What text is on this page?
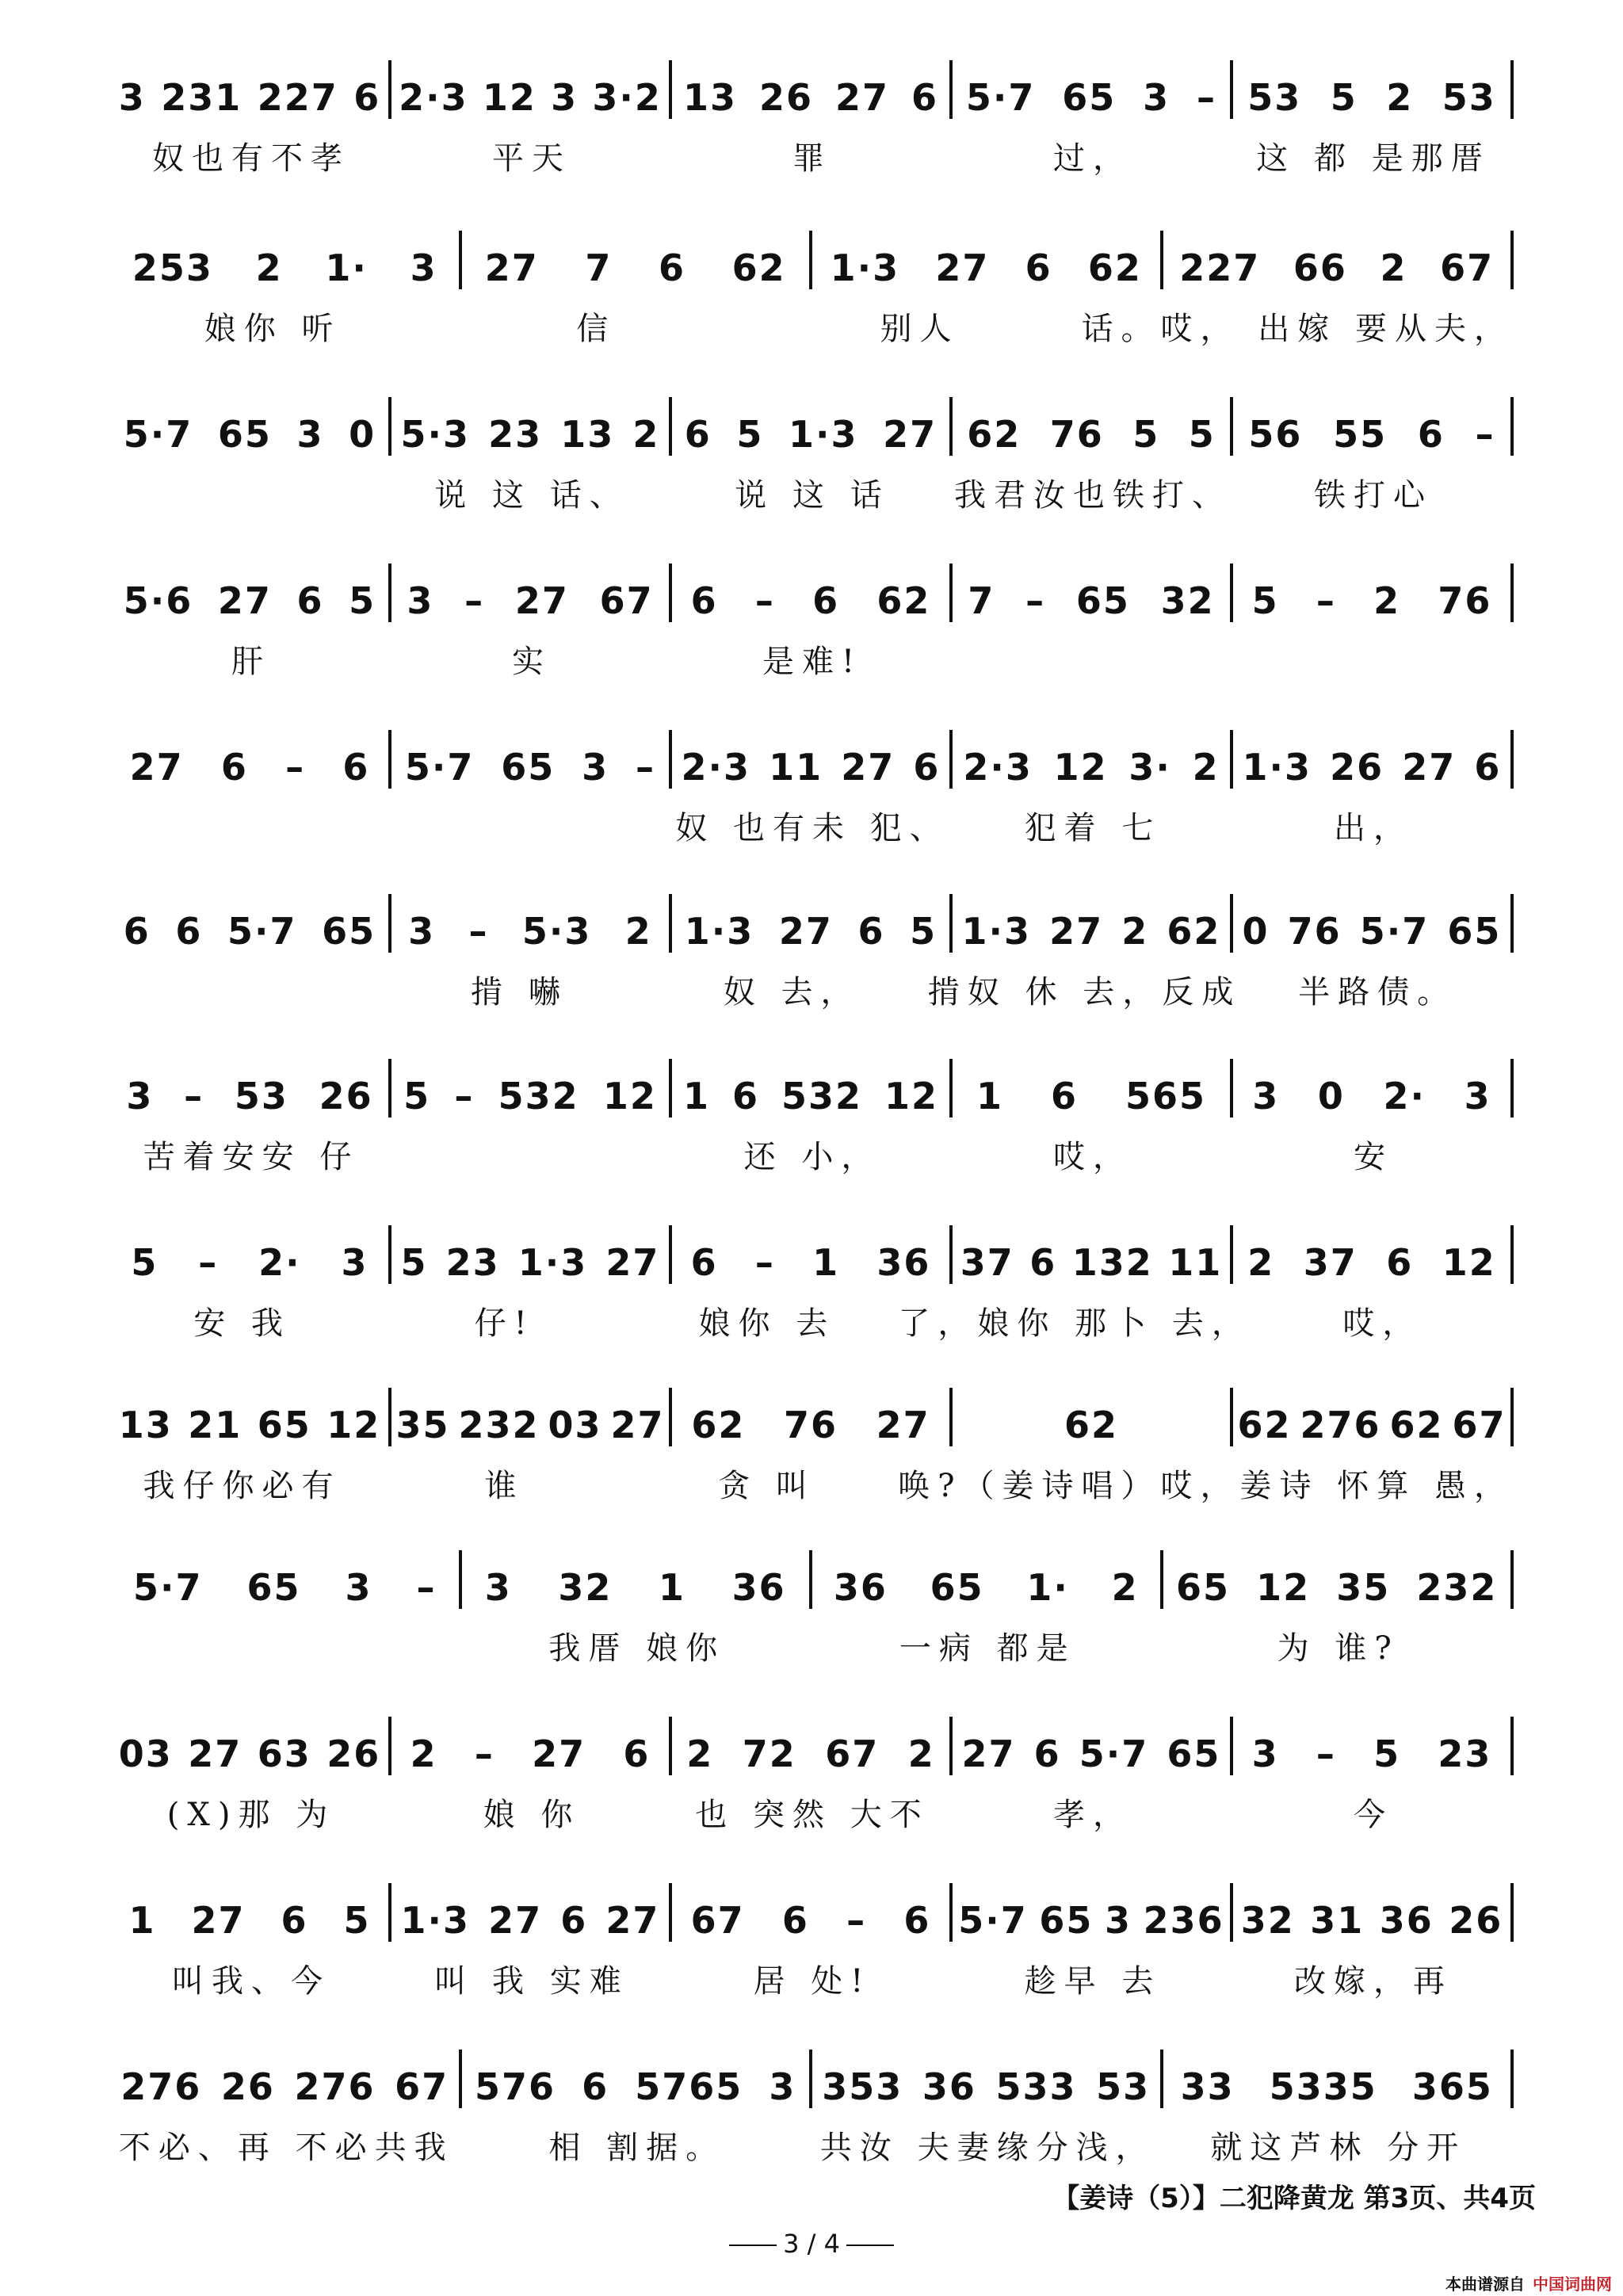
3 231 227 6 2·3 12 3 3·2 13 26 27 6 5·7 65 3 – 53 5 2 53
奴也有不孝	平天	罪	过，	这 都 是那厝
253 2 1· 3 27 7 6 62 1·3 27 6 62 227 66 2 67
娘你 听	信	别人	话。哎， 出嫁 要从夫，
5·7 65 3 0 5·3 23 13 2 6 5 1·3 27 62 76 5 5 56 55 6 –
说 这 话、	说 这 话	我君汝也铁打、	铁打心
5·6 27 6 5 3 – 27 67 6 – 6 62 7 – 65 32 5 – 2 76
肝	实	是难!
27 6 – 6 5·7 65 3 – 2·3 11 27 6 2·3 12 3· 2 1·3 26 27 6
奴 也有未 犯、	犯着 七	出，
6 6 5·7 65 3 – 5·3 2 1·3 27 6 5 1·3 27 2 62 0 76 5·7 65
掯 嚇	奴 去，	掯奴 休 去，反成	半路债。
3 – 53 26 5 – 532 12 1 6 532 12 1 6 565 3 0 2· 3
苦着安安 仔	还 小，	哎，	安
5 – 2· 3 5 23 1·3 27 6 – 1 36 37 6 132 11 2 37 6 12
安 我	仔!	娘你 去	了，娘你 那卜 去，	哎，
13 21 65 12 35 232 03 27 62 76 27	62	62 276 62 67
我仔你必有	谁	贪 叫	唤?（姜诗唱）哎， 姜诗 怀算 愚，
5·7 65 3 – 3 32 1 36 36 65 1· 2 65 12 35 232
我厝 娘你	一病 都是	为 谁?
03 27 63 26 2 – 27 6 2 72 67 2 27 6 5·7 65 3 – 5 23
(X)那 为	娘 你	也 突然 大不	孝，	今
1 27 6 5 1·3 27 6 27 67 6 – 6 5·7 65 3 236 32 31 36 26
叫我、今	叫 我 实难	居 处!	趁早 去	改嫁，再
276 26 276 67 576 6 5765 3 353 36 533 53 33 5335 365
不必、再 不必共我	相 割据。	共汝 夫妻缘分浅，	就这芦林 分开
【姜诗（5）】二犯降黄龙 第3页、共4页
3 / 4
本曲谱源自 中国词曲网
